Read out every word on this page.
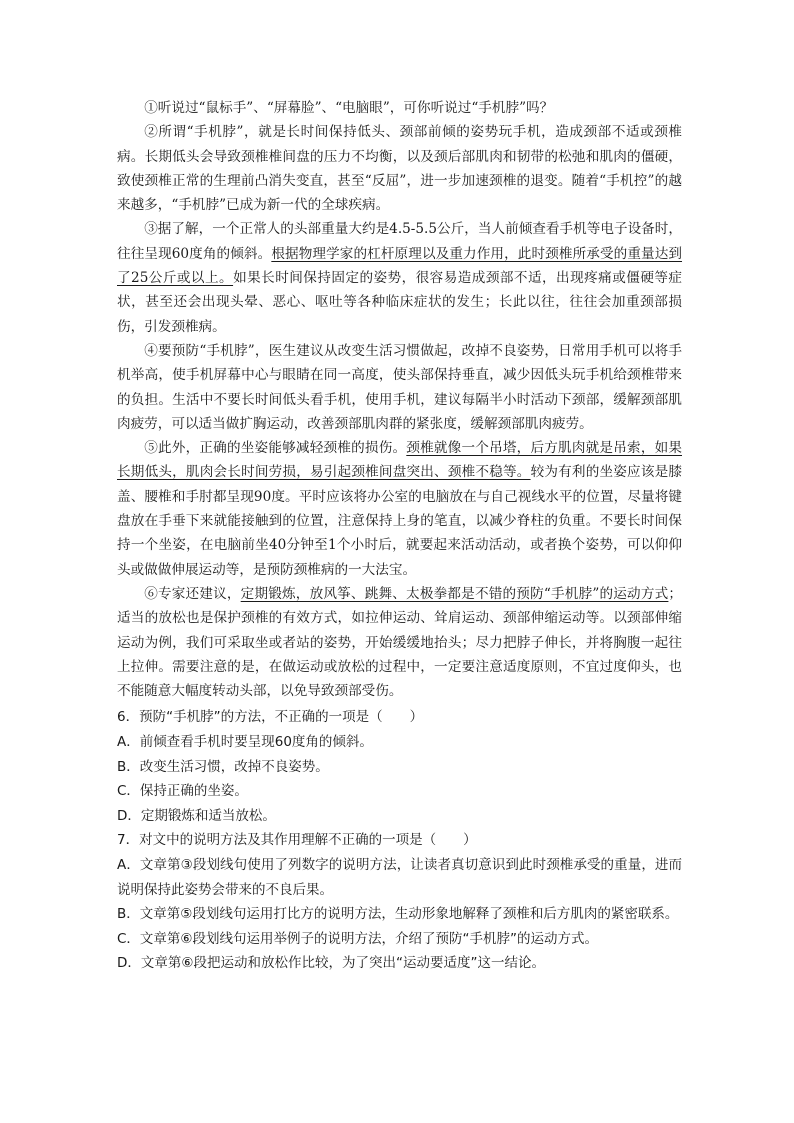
①听说过“鼠标手”、“屏幕脸”、“电脑眼”，可你听说过“手机脖”吗？

②所谓“手机脖”，就是长时间保持低头、颈部前倾的姿势玩手机，造成颈部不适或颈椎病。长期低头会导致颈椎椎间盘的压力不均衡，以及颈后部肌肉和韧带的松弛和肌肉的僵硬，致使颈椎正常的生理前凸消失变直，甚至“反屈”，进一步加速颈椎的退变。随着“手机控”的越来越多，“手机脖”已成为新一代的全球疾病。

③据了解，一个正常人的头部重量大约是4.5-5.5公斤，当人前倾查看手机等电子设备时，往往呈现60度角的倾斜。根据物理学家的杠杆原理以及重力作用，此时颈椎所承受的重量达到了25公斤或以上。如果长时间保持固定的姿势，很容易造成颈部不适，出现疼痛或僵硬等症状，甚至还会出现头晕、恶心、呕吐等各种临床症状的发生；长此以往，往往会加重颈部损伤，引发颈椎病。

④要预防“手机脖”，医生建议从改变生活习惯做起，改掉不良姿势，日常用手机可以将手机举高，使手机屏幕中心与眼睛在同一高度，使头部保持垂直，减少因低头玩手机给颈椎带来的负担。生活中不要长时间低头看手机，使用手机，建议每隔半小时活动下颈部，缓解颈部肌肉疲劳，可以适当做扩胸运动，改善颈部肌肉群的紧张度，缓解颈部肌肉疲劳。

⑤此外，正确的坐姿能够减轻颈椎的损伤。颈椎就像一个吊塔，后方肌肉就是吊索，如果长期低头，肌肉会长时间劳损，易引起颈椎间盘突出、颈椎不稳等。较为有利的坐姿应该是膝盖、腰椎和手肘都呈现90度。平时应该将办公室的电脑放在与自己视线水平的位置，尽量将键盘放在手垂下来就能接触到的位置，注意保持上身的笔直，以减少脊柱的负重。不要长时间保持一个坐姿，在电脑前坐40分钟至1个小时后，就要起来活动活动，或者换个姿势，可以仰仰头或做做伸展运动等，是预防颈椎病的一大法宝。

⑥专家还建议，定期锻炼，放风筝、跳舞、太极拳都是不错的预防“手机脖”的运动方式；适当的放松也是保护颈椎的有效方式，如拉伸运动、耸肩运动、颈部伸缩运动等。以颈部伸缩运动为例，我们可采取坐或者站的姿势，开始缓缓地抬头；尽力把脖子伸长，并将胸腹一起往上拉伸。需要注意的是，在做运动或放松的过程中，一定要注意适度原则，不宜过度仰头，也不能随意大幅度转动头部，以免导致颈部受伤。

6．预防“手机脖”的方法，不正确的一项是（　　）

A．前倾查看手机时要呈现60度角的倾斜。

B．改变生活习惯，改掉不良姿势。

C．保持正确的坐姿。

D．定期锻炼和适当放松。

7．对文中的说明方法及其作用理解不正确的一项是（　　）

A．文章第③段划线句使用了列数字的说明方法，让读者真切意识到此时颈椎承受的重量，进而说明保持此姿势会带来的不良后果。

B．文章第⑤段划线句运用打比方的说明方法，生动形象地解释了颈椎和后方肌肉的紧密联系。

C．文章第⑥段划线句运用举例子的说明方法，介绍了预防“手机脖”的运动方式。

D．文章第⑥段把运动和放松作比较，为了突出“运动要适度”这一结论。
